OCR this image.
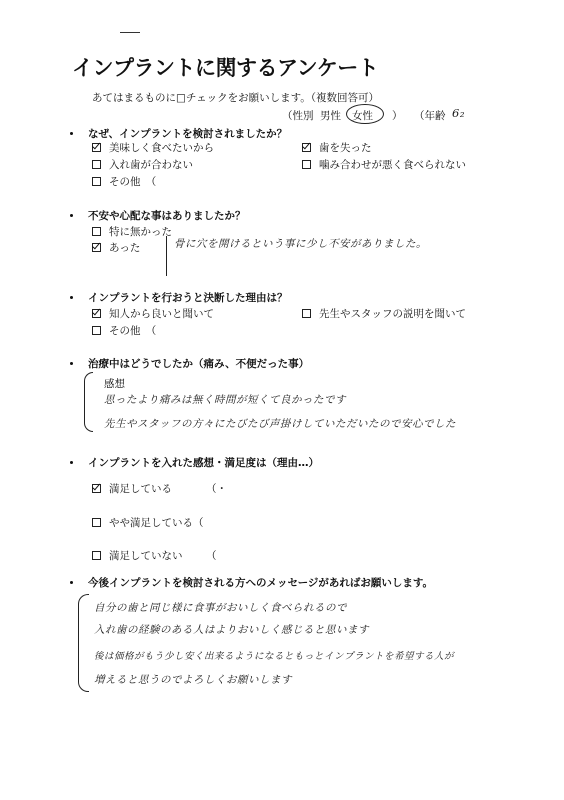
インプラントに関するアンケート
あてはまるものに□チェックをお願いします。（複数回答可）
（性別 男性 女性 ） （年齢 6₂
なぜ、インプラントを検討されましたか？
美味しく食べたいから	歯を失った
入れ歯が合わない	噛み合わせが悪く食べられない
その他　（
不安や心配な事はありましたか？
特に無かった
あった	骨に穴を開けるという事に少し不安がありました。
インプラントを行おうと決断した理由は？
知人から良いと聞いて	先生やスタッフの説明を聞いて
その他　（
治療中はどうでしたか（痛み、不便だった事）
感想
思ったより痛みは無く時間が短くて良かったです
先生やスタッフの方々にたびたび声掛けしていただいたので安心でした
インプラントを入れた感想・満足度は（理由…）
満足している	（・
やや満足している（
満足していない （
今後インプラントを検討される方へのメッセージがあればお願いします。
自分の歯と同じ様に食事がおいしく食べられるので
入れ歯の経験のある人はよりおいしく感じると思います
後は価格がもう少し安く出来るようになるともっとインプラントを希望する人が
増えると思うのでよろしくお願いします
